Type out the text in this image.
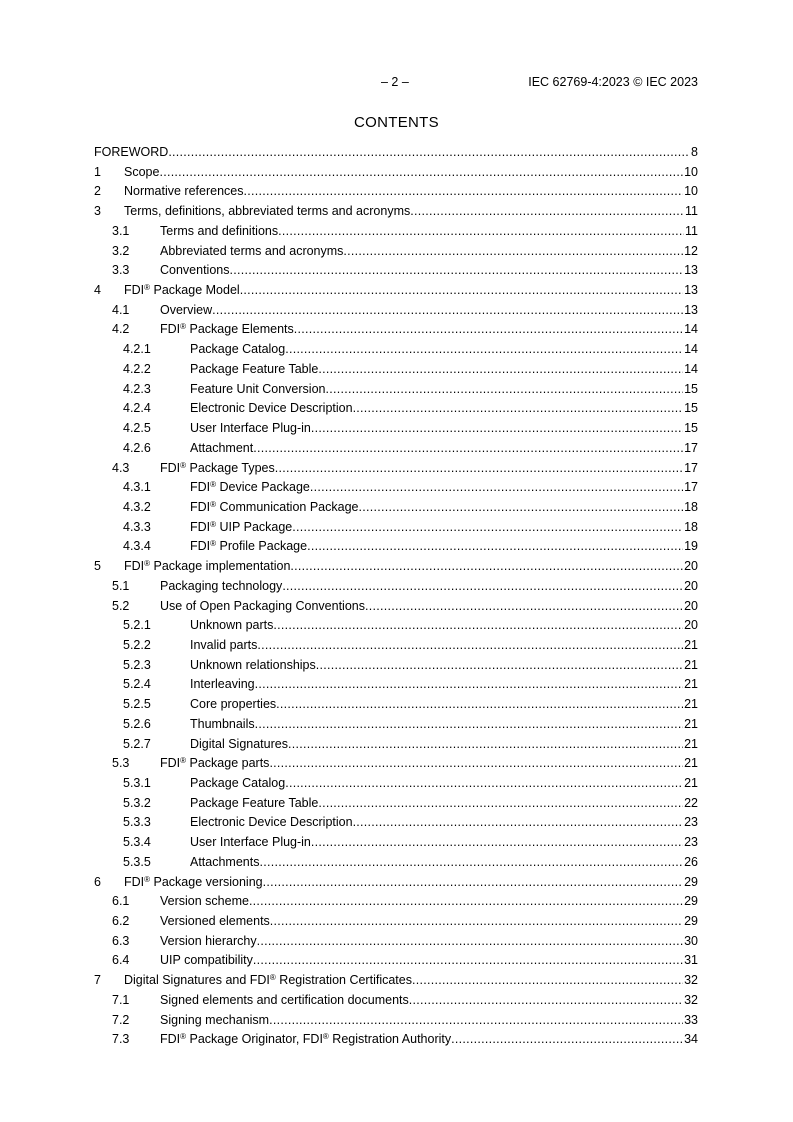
– 2 –	IEC 62769-4:2023 © IEC 2023
CONTENTS
FOREWORD . . .	8
1	Scope . . .	10
2	Normative references . . .	10
3	Terms, definitions, abbreviated terms and acronyms . . .	11
3.1	Terms and definitions . . .	11
3.2	Abbreviated terms and acronyms . . .	12
3.3	Conventions . . .	13
4	FDI® Package Model . . .	13
4.1	Overview . . .	13
4.2	FDI® Package Elements . . .	14
4.2.1	Package Catalog . . .	14
4.2.2	Package Feature Table . . .	14
4.2.3	Feature Unit Conversion . . .	15
4.2.4	Electronic Device Description . . .	15
4.2.5	User Interface Plug-in . . .	15
4.2.6	Attachment . . .	17
4.3	FDI® Package Types . . .	17
4.3.1	FDI® Device Package . . .	17
4.3.2	FDI® Communication Package . . .	18
4.3.3	FDI® UIP Package . . .	18
4.3.4	FDI® Profile Package . . .	19
5	FDI® Package implementation . . .	20
5.1	Packaging technology . . .	20
5.2	Use of Open Packaging Conventions . . .	20
5.2.1	Unknown parts . . .	20
5.2.2	Invalid parts . . .	21
5.2.3	Unknown relationships . . .	21
5.2.4	Interleaving . . .	21
5.2.5	Core properties . . .	21
5.2.6	Thumbnails . . .	21
5.2.7	Digital Signatures . . .	21
5.3	FDI® Package parts . . .	21
5.3.1	Package Catalog . . .	21
5.3.2	Package Feature Table . . .	22
5.3.3	Electronic Device Description . . .	23
5.3.4	User Interface Plug-in . . .	23
5.3.5	Attachments . . .	26
6	FDI® Package versioning . . .	29
6.1	Version scheme . . .	29
6.2	Versioned elements . . .	29
6.3	Version hierarchy . . .	30
6.4	UIP compatibility . . .	31
7	Digital Signatures and FDI® Registration Certificates . . .	32
7.1	Signed elements and certification documents . . .	32
7.2	Signing mechanism . . .	33
7.3	FDI® Package Originator, FDI® Registration Authority . . .	34
